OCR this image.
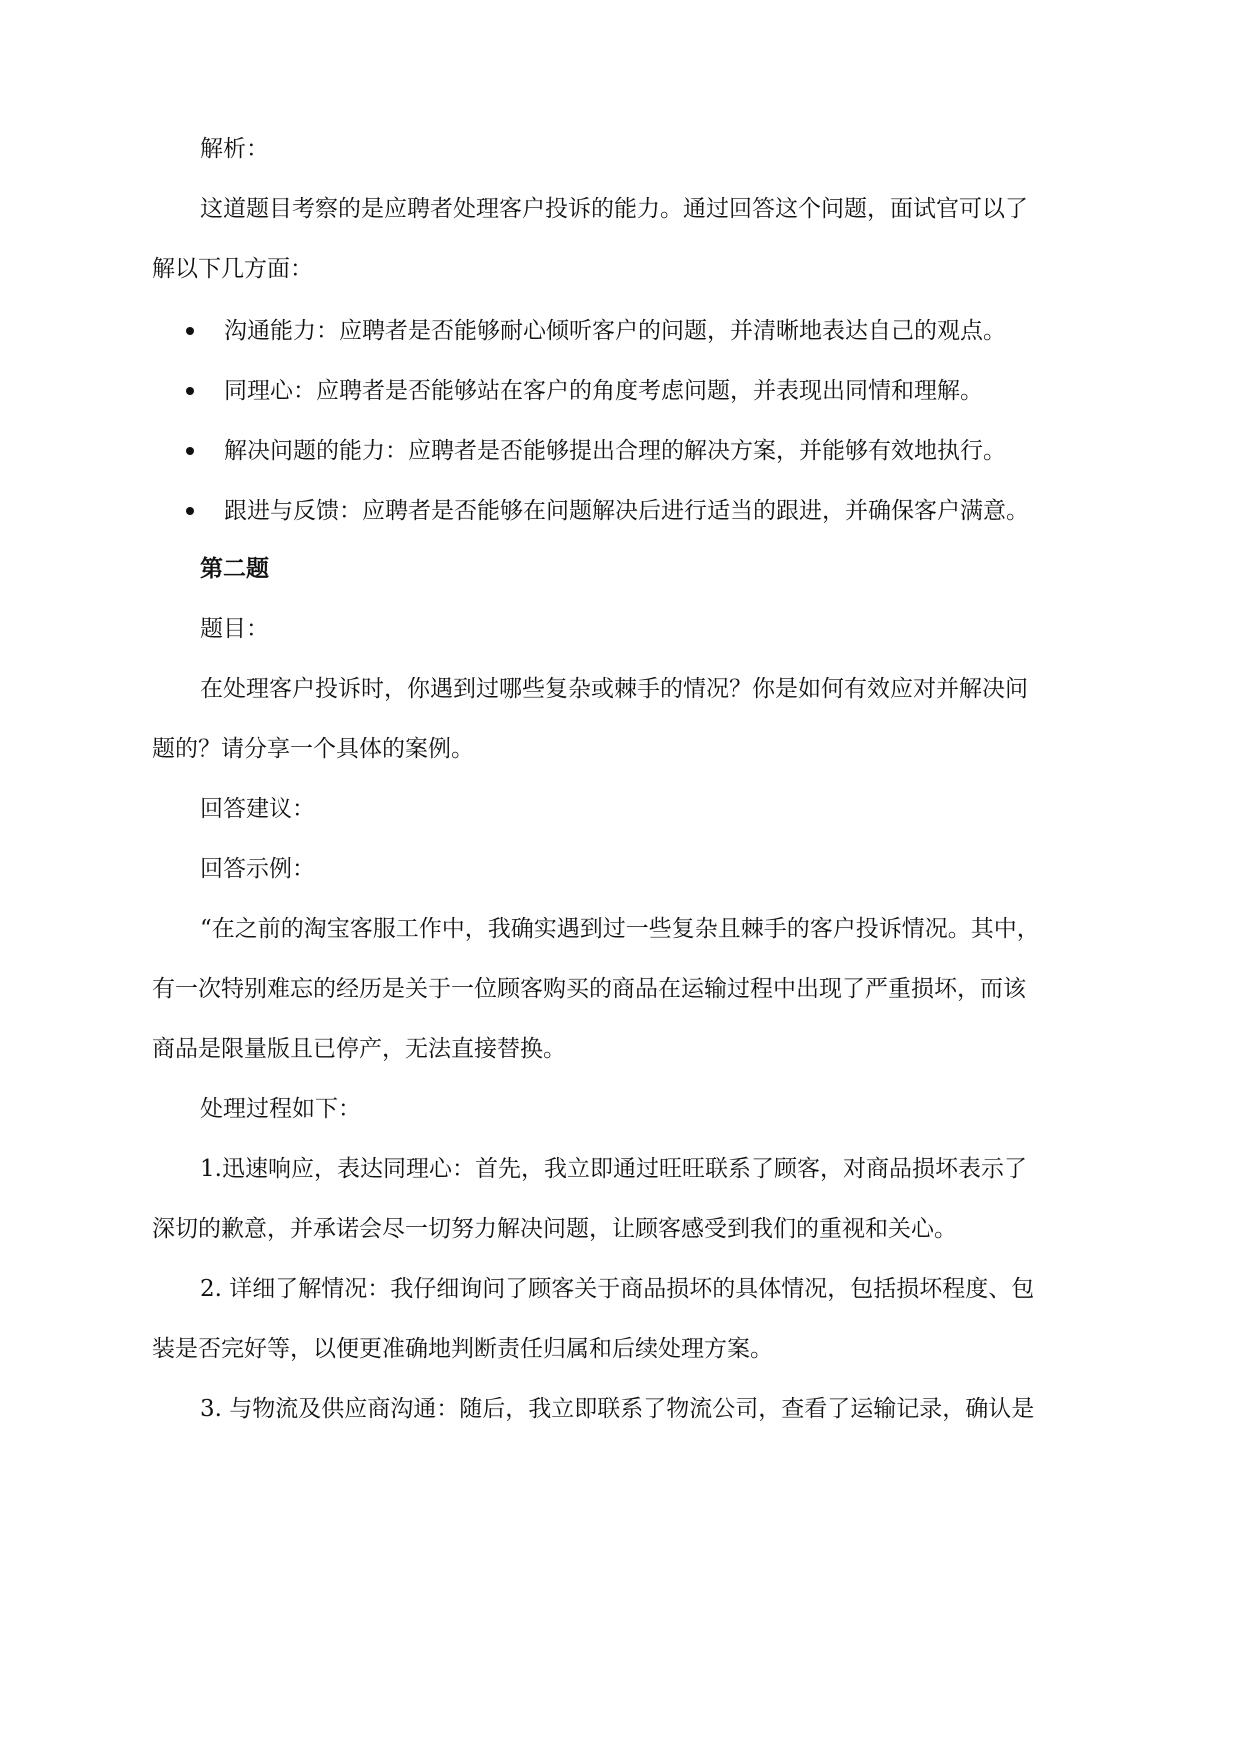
解析：
这道题目考察的是应聘者处理客户投诉的能力。通过回答这个问题，面试官可以了
解以下几方面：
沟通能力：应聘者是否能够耐心倾听客户的问题，并清晰地表达自己的观点。
同理心：应聘者是否能够站在客户的角度考虑问题，并表现出同情和理解。
解决问题的能力：应聘者是否能够提出合理的解决方案，并能够有效地执行。
跟进与反馈：应聘者是否能够在问题解决后进行适当的跟进，并确保客户满意。
第二题
题目：
在处理客户投诉时，你遇到过哪些复杂或棘手的情况？你是如何有效应对并解决问
题的？请分享一个具体的案例。
回答建议：
回答示例：
“在之前的淘宝客服工作中，我确实遇到过一些复杂且棘手的客户投诉情况。其中，
有一次特别难忘的经历是关于一位顾客购买的商品在运输过程中出现了严重损坏，而该
商品是限量版且已停产，无法直接替换。
处理过程如下：
1.迅速响应，表达同理心：首先，我立即通过旺旺联系了顾客，对商品损坏表示了
深切的歉意，并承诺会尽一切努力解决问题，让顾客感受到我们的重视和关心。
2. 详细了解情况：我仔细询问了顾客关于商品损坏的具体情况，包括损坏程度、包
装是否完好等，以便更准确地判断责任归属和后续处理方案。
3. 与物流及供应商沟通：随后，我立即联系了物流公司，查看了运输记录，确认是
